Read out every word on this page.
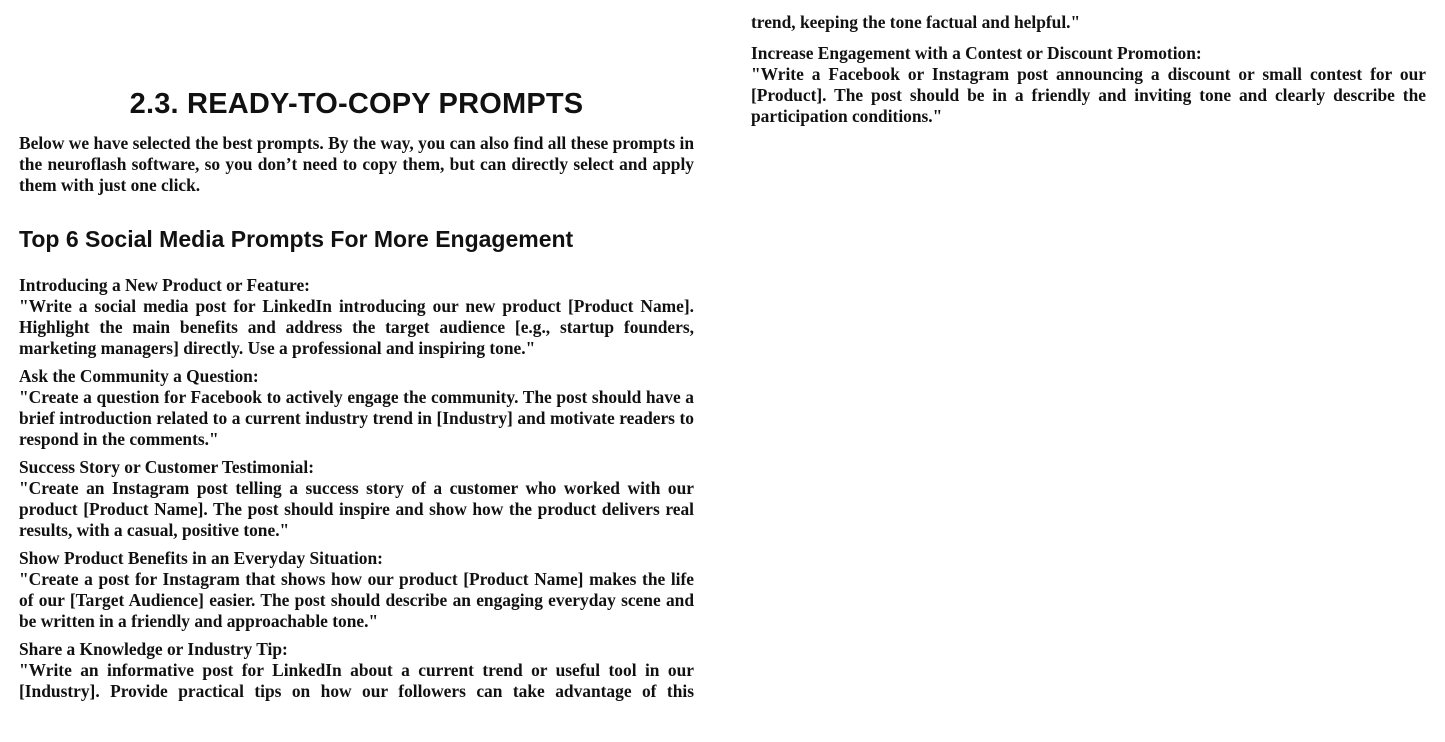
2.3. READY-TO-COPY PROMPTS

Below we have selected the best prompts. By the way, you can also find all these prompts in the neuroflash software, so you don’t need to copy them, but can directly select and apply them with just one click.

Top 6 Social Media Prompts For More Engagement
Introducing a New Product or Feature:
"Write a social media post for LinkedIn introducing our new product [Product Name]. Highlight the main benefits and address the target audience [e.g., startup founders, marketing managers] directly. Use a professional and inspiring tone."
Ask the Community a Question:
"Create a question for Facebook to actively engage the community. The post should have a brief introduction related to a current industry trend in [Industry] and motivate readers to respond in the comments."
Success Story or Customer Testimonial:
"Create an Instagram post telling a success story of a customer who worked with our product [Product Name]. The post should inspire and show how the product delivers real results, with a casual, positive tone."
Show Product Benefits in an Everyday Situation:
"Create a post for Instagram that shows how our product [Product Name] makes the life of our [Target Audience] easier. The post should describe an engaging everyday scene and be written in a friendly and approachable tone."
Share a Knowledge or Industry Tip:
"Write an informative post for LinkedIn about a current trend or useful tool in our [Industry]. Provide practical tips on how our followers can take advantage of this

trend, keeping the tone factual and helpful."

Increase Engagement with a Contest or Discount Promotion:
"Write a Facebook or Instagram post announcing a discount or small contest for our [Product]. The post should be in a friendly and inviting tone and clearly describe the participation conditions."
